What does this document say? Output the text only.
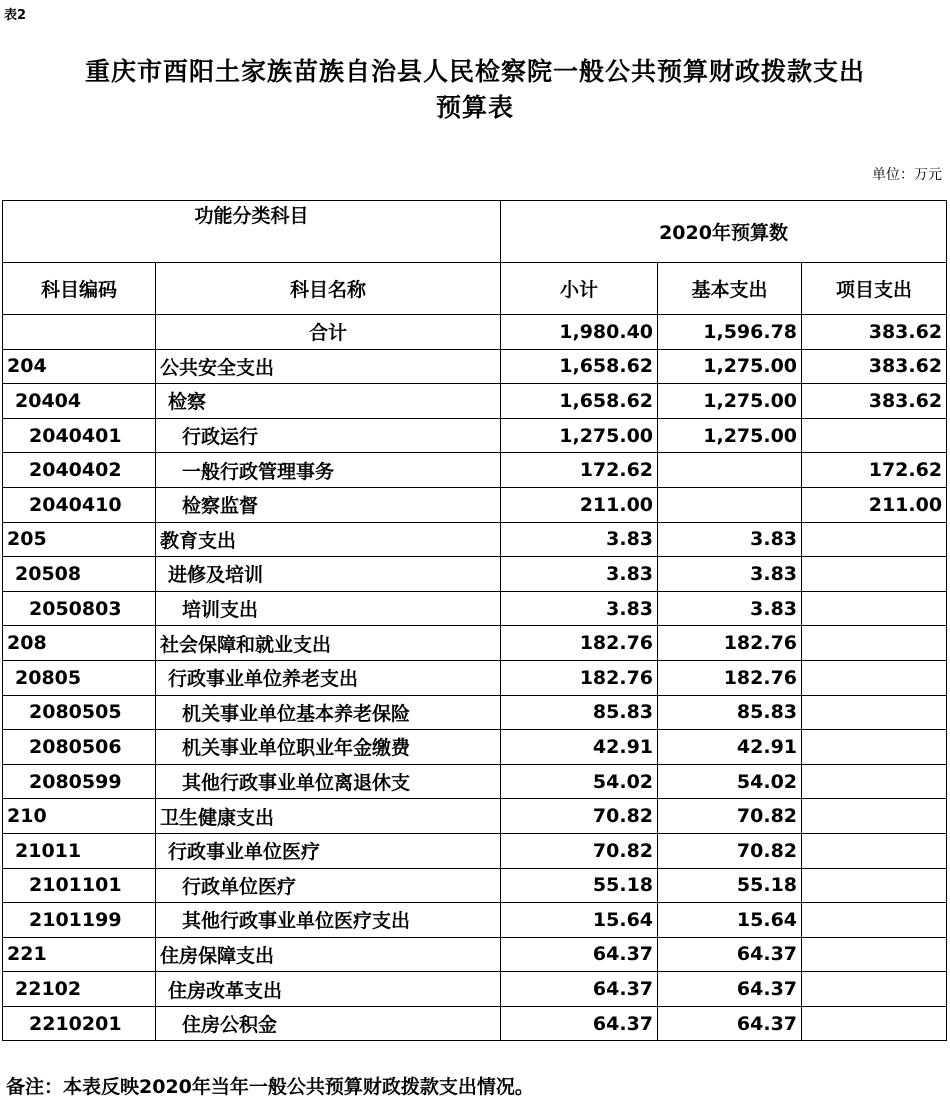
表2
重庆市酉阳土家族苗族自治县人民检察院一般公共预算财政拨款支出
预算表
单位：万元
功能分类科目		2020年预算数		
科目编码	科目名称	小计	基本支出	项目支出
	合计	1,980.40	1,596.78	383.62
204	公共安全支出	1,658.62	1,275.00	383.62
20404	检察	1,658.62	1,275.00	383.62
2040401	行政运行	1,275.00	1,275.00	
2040402	一般行政管理事务	172.62		172.62
2040410	检察监督	211.00		211.00
205	教育支出	3.83	3.83	
20508	进修及培训	3.83	3.83	
2050803	培训支出	3.83	3.83	
208	社会保障和就业支出	182.76	182.76	
20805	行政事业单位养老支出	182.76	182.76	
2080505	机关事业单位基本养老保险	85.83	85.83	
2080506	机关事业单位职业年金缴费	42.91	42.91	
2080599	其他行政事业单位离退休支	54.02	54.02	
210	卫生健康支出	70.82	70.82	
21011	行政事业单位医疗	70.82	70.82	
2101101	行政单位医疗	55.18	55.18	
2101199	其他行政事业单位医疗支出	15.64	15.64	
221	住房保障支出	64.37	64.37	
22102	住房改革支出	64.37	64.37	
2210201	住房公积金	64.37	64.37	
备注：本表反映2020年当年一般公共预算财政拨款支出情况。
